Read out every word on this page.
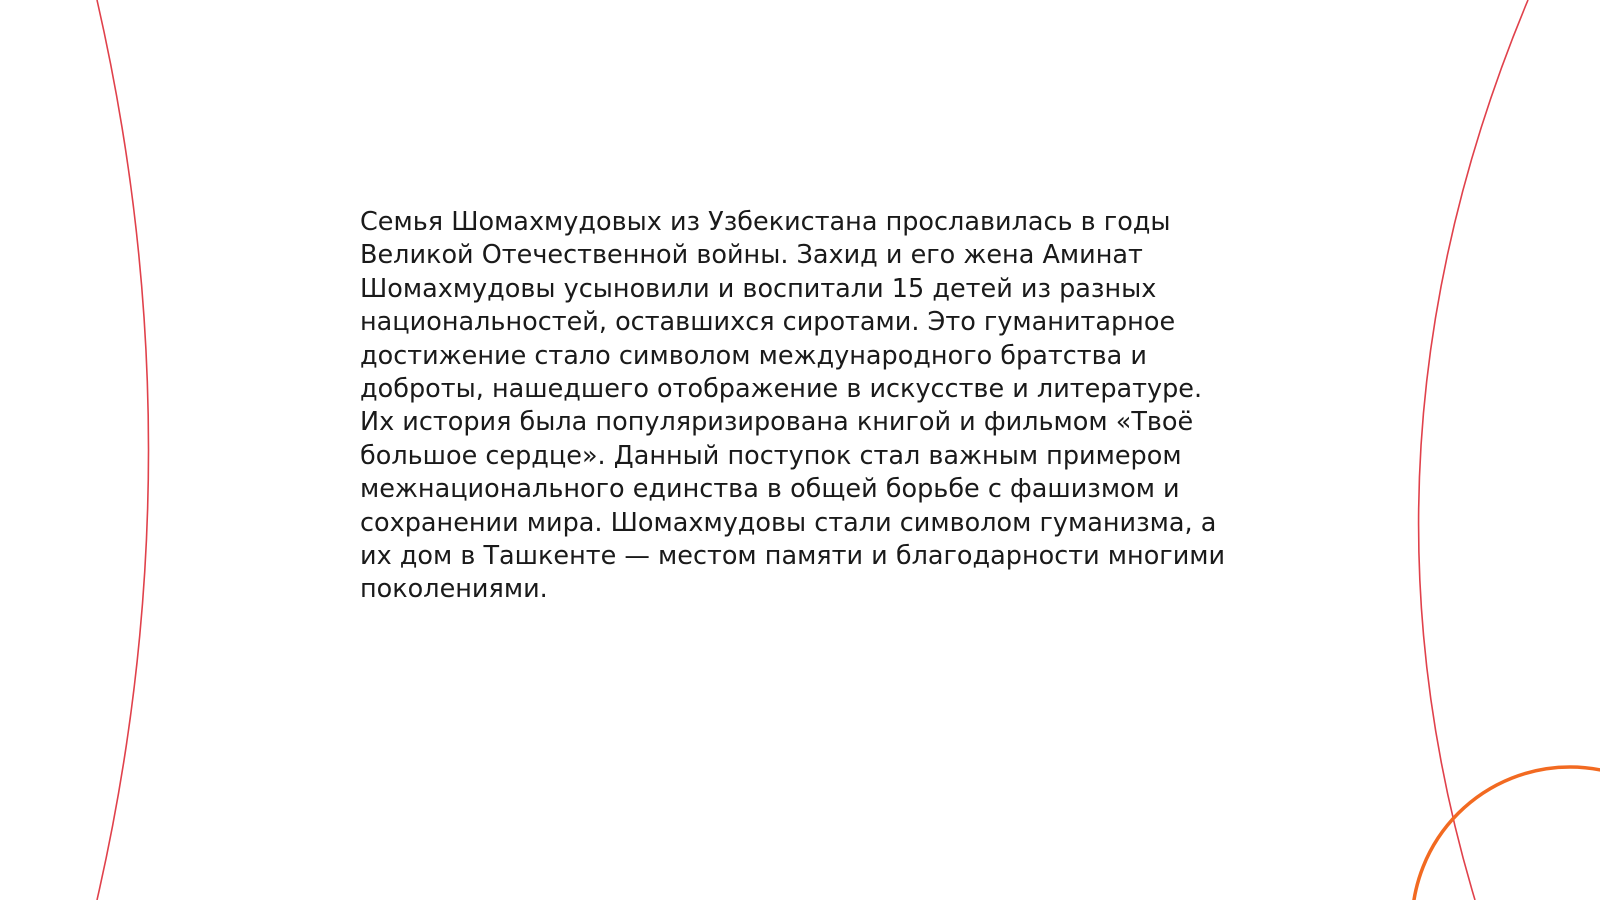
Семья Шомахмудовых из Узбекистана прославилась в годы
Великой Отечественной войны. Захид и его жена Аминат
Шомахмудовы усыновили и воспитали 15 детей из разных
национальностей, оставшихся сиротами. Это гуманитарное
достижение стало символом международного братства и
доброты, нашедшего отображение в искусстве и литературе.
Их история была популяризирована книгой и фильмом «Твоё
большое сердце». Данный поступок стал важным примером
межнационального единства в общей борьбе с фашизмом и
сохранении мира. Шомахмудовы стали символом гуманизма, а
их дом в Ташкенте — местом памяти и благодарности многими
поколениями.
